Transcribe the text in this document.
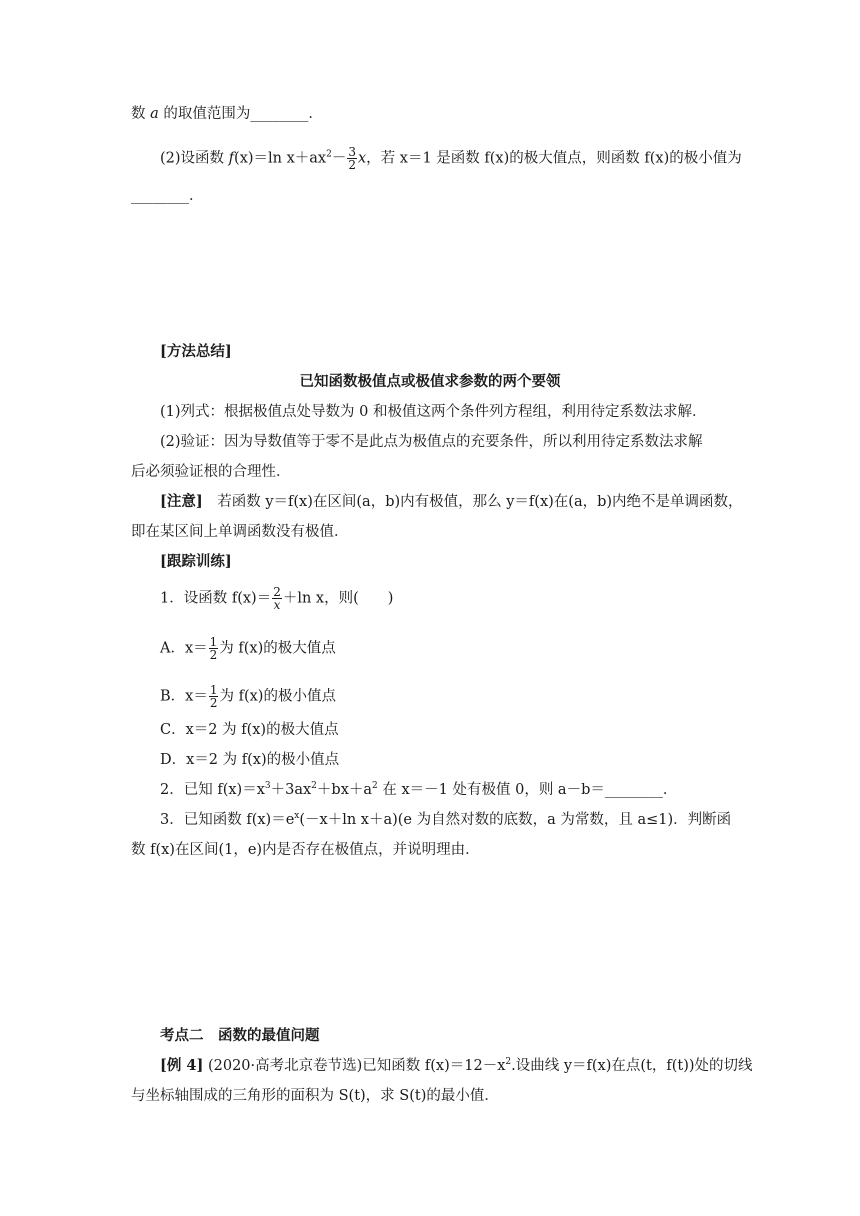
数 a 的取值范围为________．
(2)设函数 f(x)＝ln $x+ax^2- \frac{3}{2}$ x，若 x＝1 是函数 f(x)的极大值点，则函数 f(x)的极小值为
________．
[方法总结]
已知函数极值点或极值求参数的两个要领
(1)列式：根据极值点处导数为 0 和极值这两个条件列方程组，利用待定系数法求解．
(2)验证：因为导数值等于零不是此点为极值点的充要条件，所以利用待定系数法求解
后必须验证根的合理性．
[注意]　若函数 y＝f(x)在区间(a，b)内有极值，那么 y＝f(x)在(a，b)内绝不是单调函数，
即在某区间上单调函数没有极值．
[跟踪训练]
1．设函数 $f(x)= \frac{2}{x} +\ln$ x，则(　　)
A．$x= \frac{1}{2}$ 为 f(x)的极大值点
B．$x= \frac{1}{2}$ 为 f(x)的极小值点
C．x＝2 为 f(x)的极大值点
D．x＝2 为 f(x)的极小值点
2．已知 $f(x)=x^3+3ax^2+bx+a^2$ 在 x＝－1 处有极值 0，则 a－b＝________．
3．已知函数 $f(x)=e^x(-x+\ln$ x＋a)(e 为自然对数的底数，a 为常数，且 a≤1)．判断函
数 f(x)在区间(1，e)内是否存在极值点，并说明理由．
考点二　函数的最值问题
[例 4] (2020·高考北京卷节选)已知函数 $f(x)=12-x^2$.设曲线 y＝f(x)在点(t，f(t))处的切线
与坐标轴围成的三角形的面积为 S(t)，求 S(t)的最小值．
